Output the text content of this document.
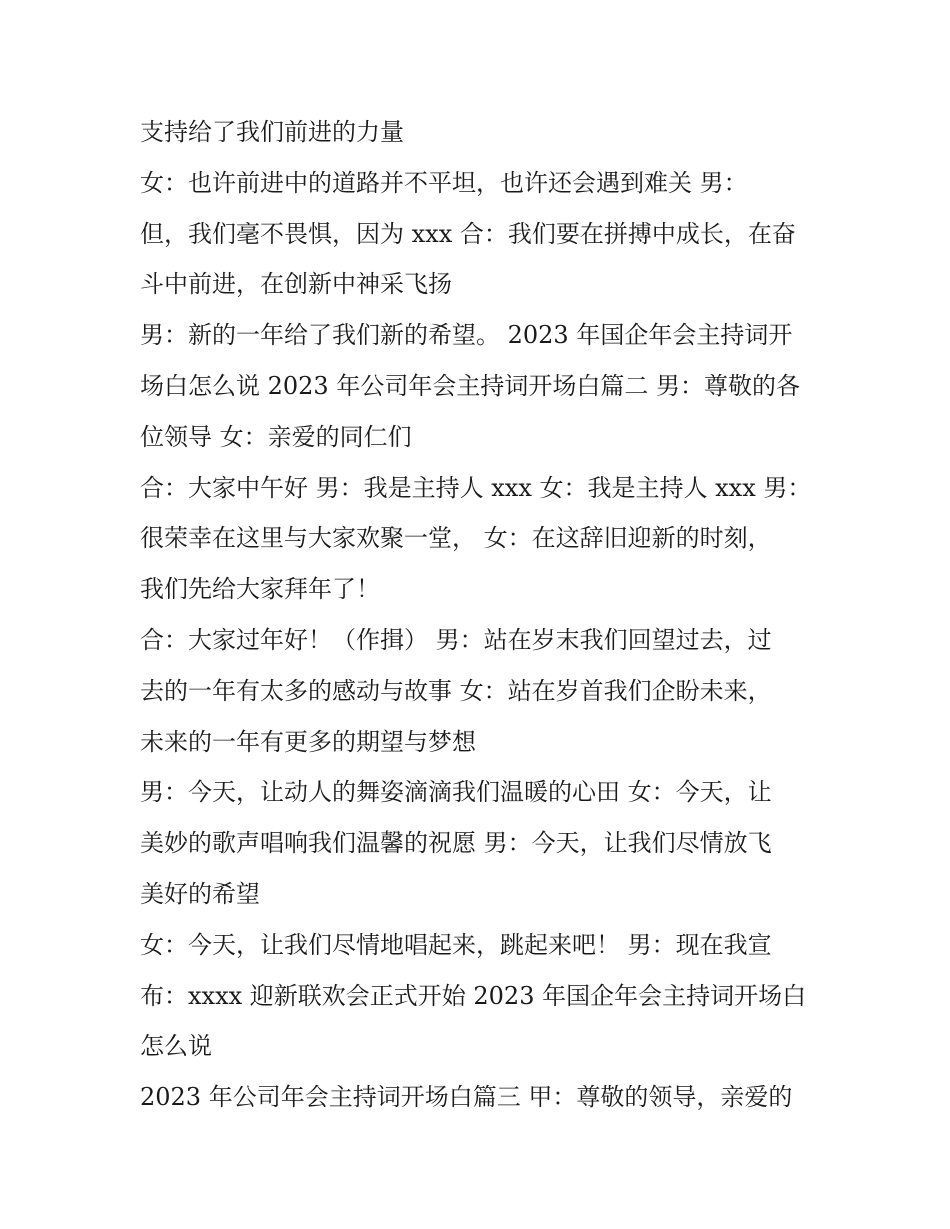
支持给了我们前进的力量
女：也许前进中的道路并不平坦，也许还会遇到难关 男：
但，我们毫不畏惧，因为 xxx 合：我们要在拼搏中成长，在奋
斗中前进，在创新中神采飞扬
男：新的一年给了我们新的希望。 2023 年国企年会主持词开
场白怎么说 2023 年公司年会主持词开场白篇二 男：尊敬的各
位领导 女：亲爱的同仁们
合：大家中午好 男：我是主持人 xxx 女：我是主持人 xxx 男：
很荣幸在这里与大家欢聚一堂， 女：在这辞旧迎新的时刻，
我们先给大家拜年了！
合：大家过年好！（作揖） 男：站在岁末我们回望过去，过
去的一年有太多的感动与故事 女：站在岁首我们企盼未来，
未来的一年有更多的期望与梦想
男：今天，让动人的舞姿滴滴我们温暖的心田 女：今天，让
美妙的歌声唱响我们温馨的祝愿 男：今天，让我们尽情放飞
美好的希望
女：今天，让我们尽情地唱起来，跳起来吧！ 男：现在我宣
布：xxxx 迎新联欢会正式开始 2023 年国企年会主持词开场白
怎么说
2023 年公司年会主持词开场白篇三 甲：尊敬的领导，亲爱的
